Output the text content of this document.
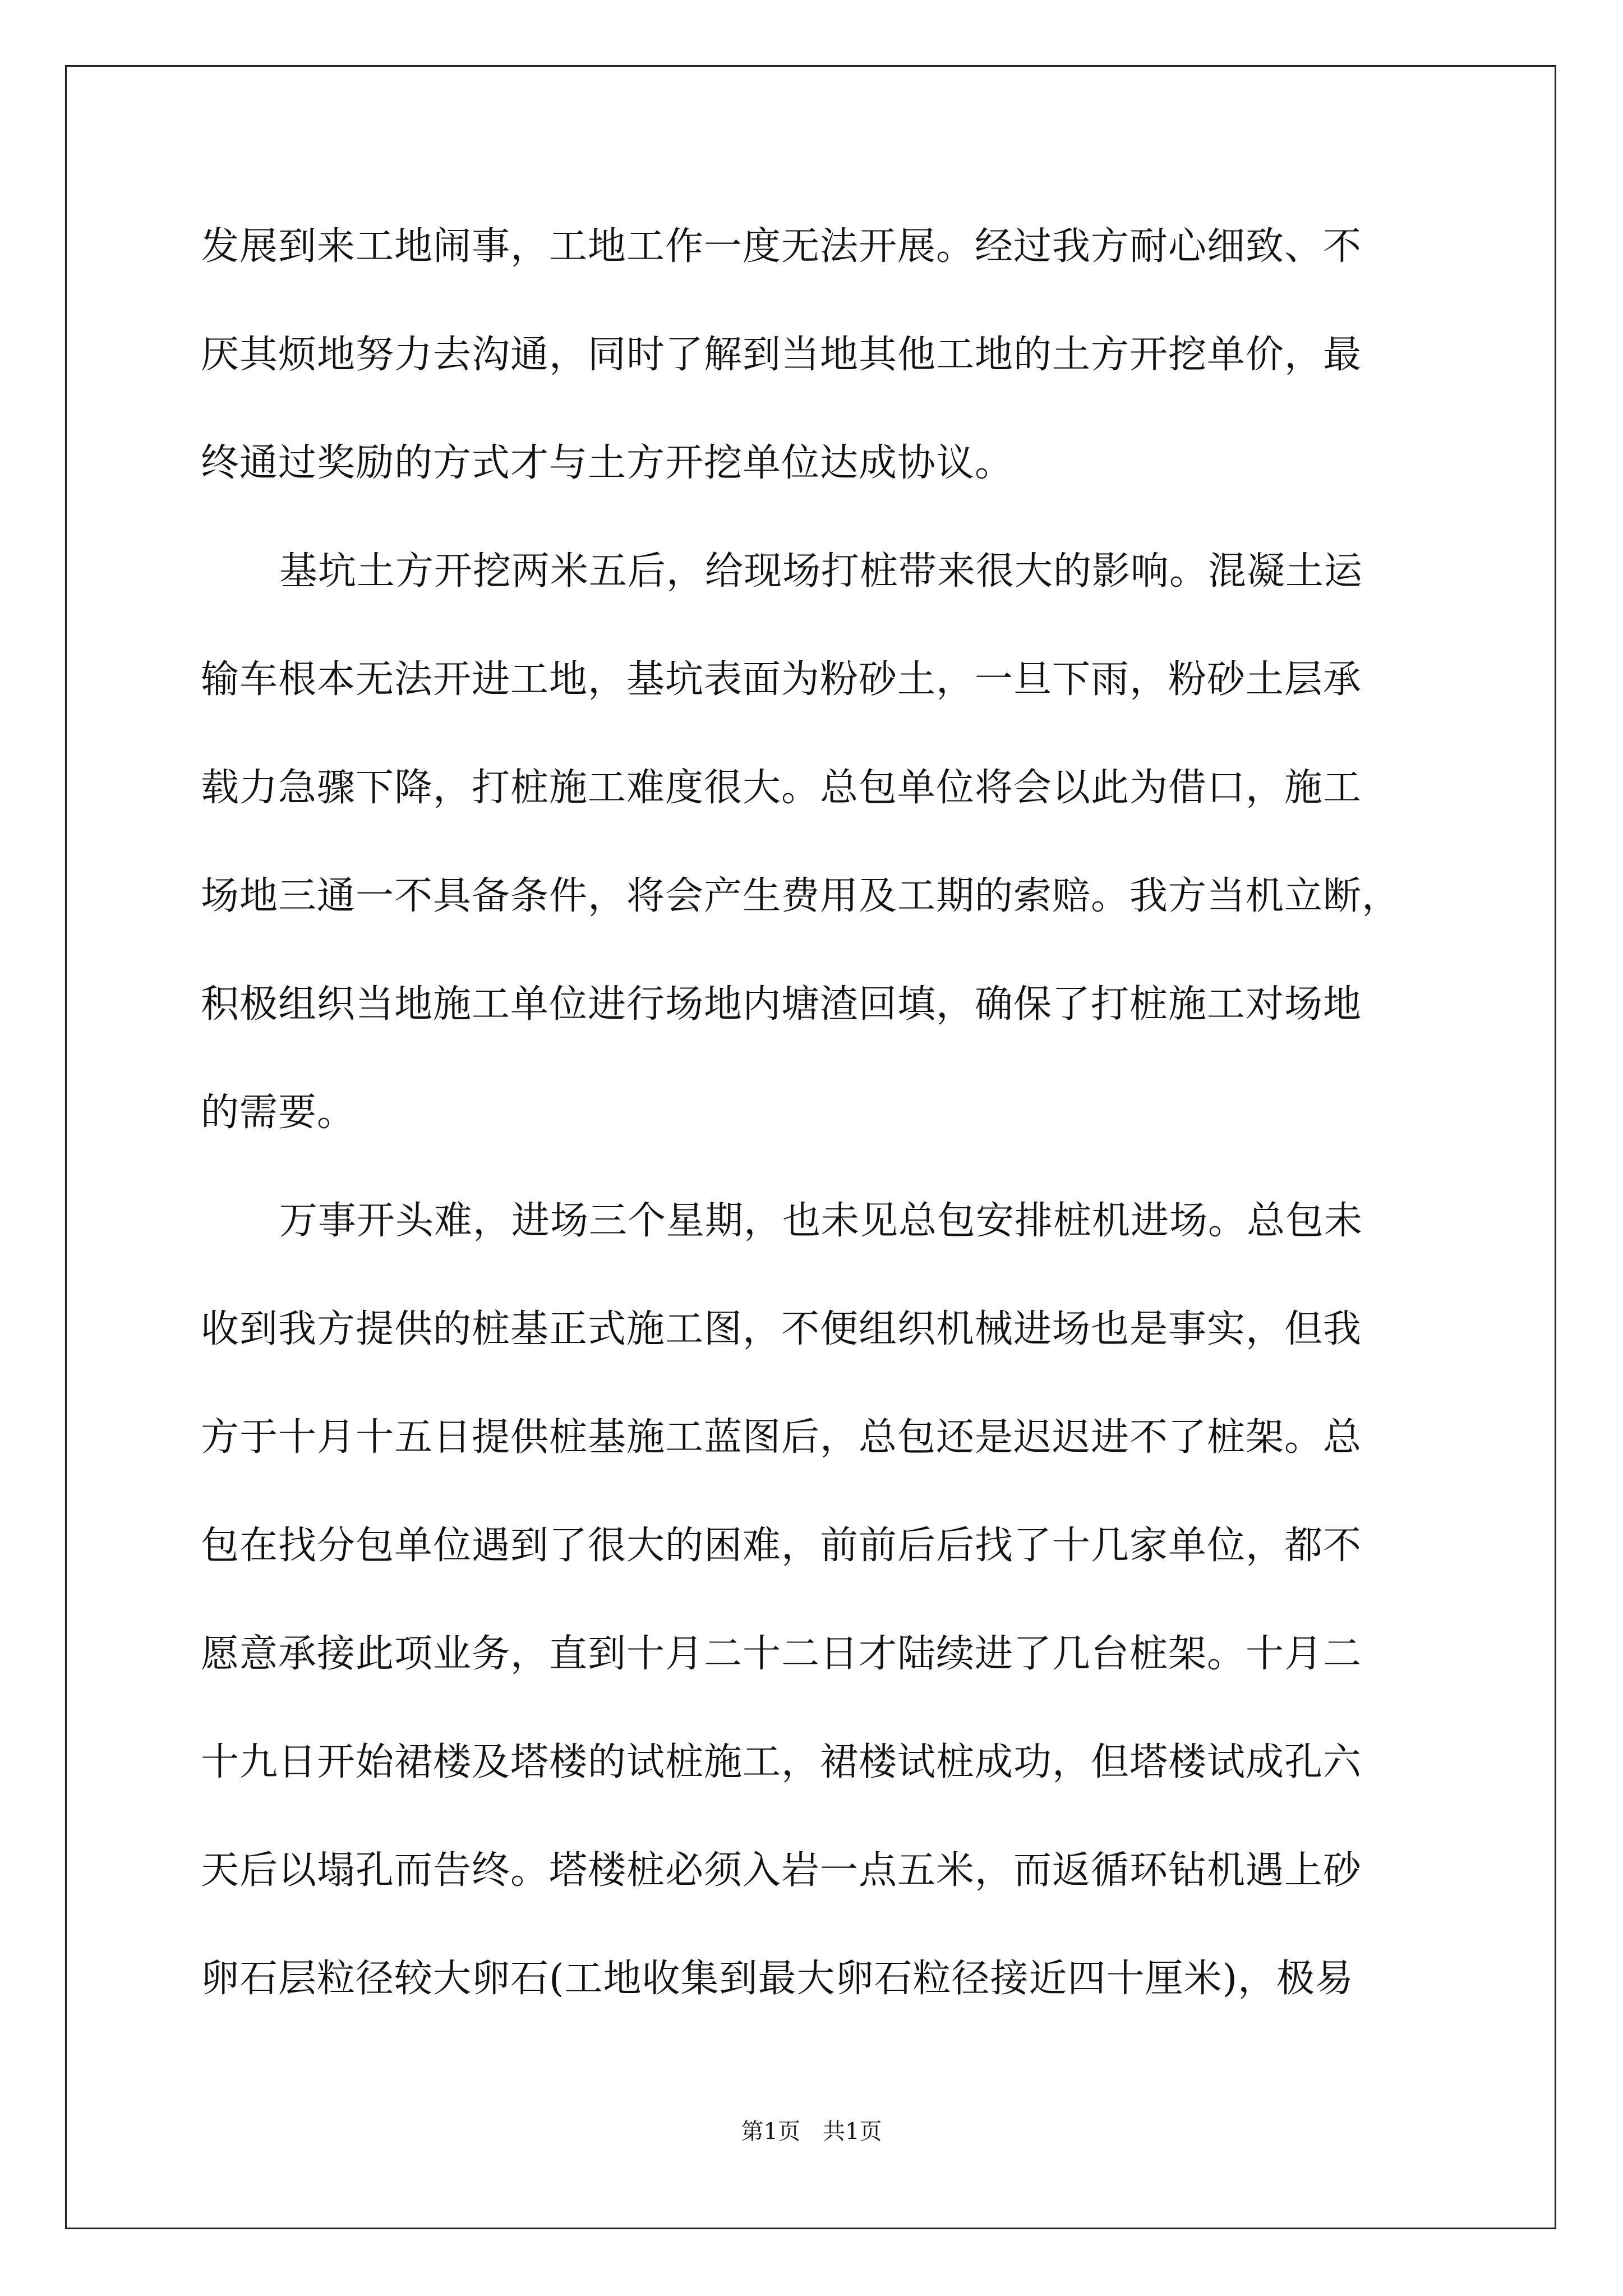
发展到来工地闹事，工地工作一度无法开展。经过我方耐心细致、不
厌其烦地努力去沟通，同时了解到当地其他工地的土方开挖单价，最
终通过奖励的方式才与土方开挖单位达成协议。
基坑土方开挖两米五后，给现场打桩带来很大的影响。混凝土运
输车根本无法开进工地，基坑表面为粉砂土，一旦下雨，粉砂土层承
载力急骤下降，打桩施工难度很大。总包单位将会以此为借口，施工
场地三通一不具备条件，将会产生费用及工期的索赔。我方当机立断，
积极组织当地施工单位进行场地内塘渣回填，确保了打桩施工对场地
的需要。
万事开头难，进场三个星期，也未见总包安排桩机进场。总包未
收到我方提供的桩基正式施工图，不便组织机械进场也是事实，但我
方于十月十五日提供桩基施工蓝图后，总包还是迟迟进不了桩架。总
包在找分包单位遇到了很大的困难，前前后后找了十几家单位，都不
愿意承接此项业务，直到十月二十二日才陆续进了几台桩架。十月二
十九日开始裙楼及塔楼的试桩施工，裙楼试桩成功，但塔楼试成孔六
天后以塌孔而告终。塔楼桩必须入岩一点五米，而返循环钻机遇上砂
卵石层粒径较大卵石(工地收集到最大卵石粒径接近四十厘米)，极易
第1页　共1页
